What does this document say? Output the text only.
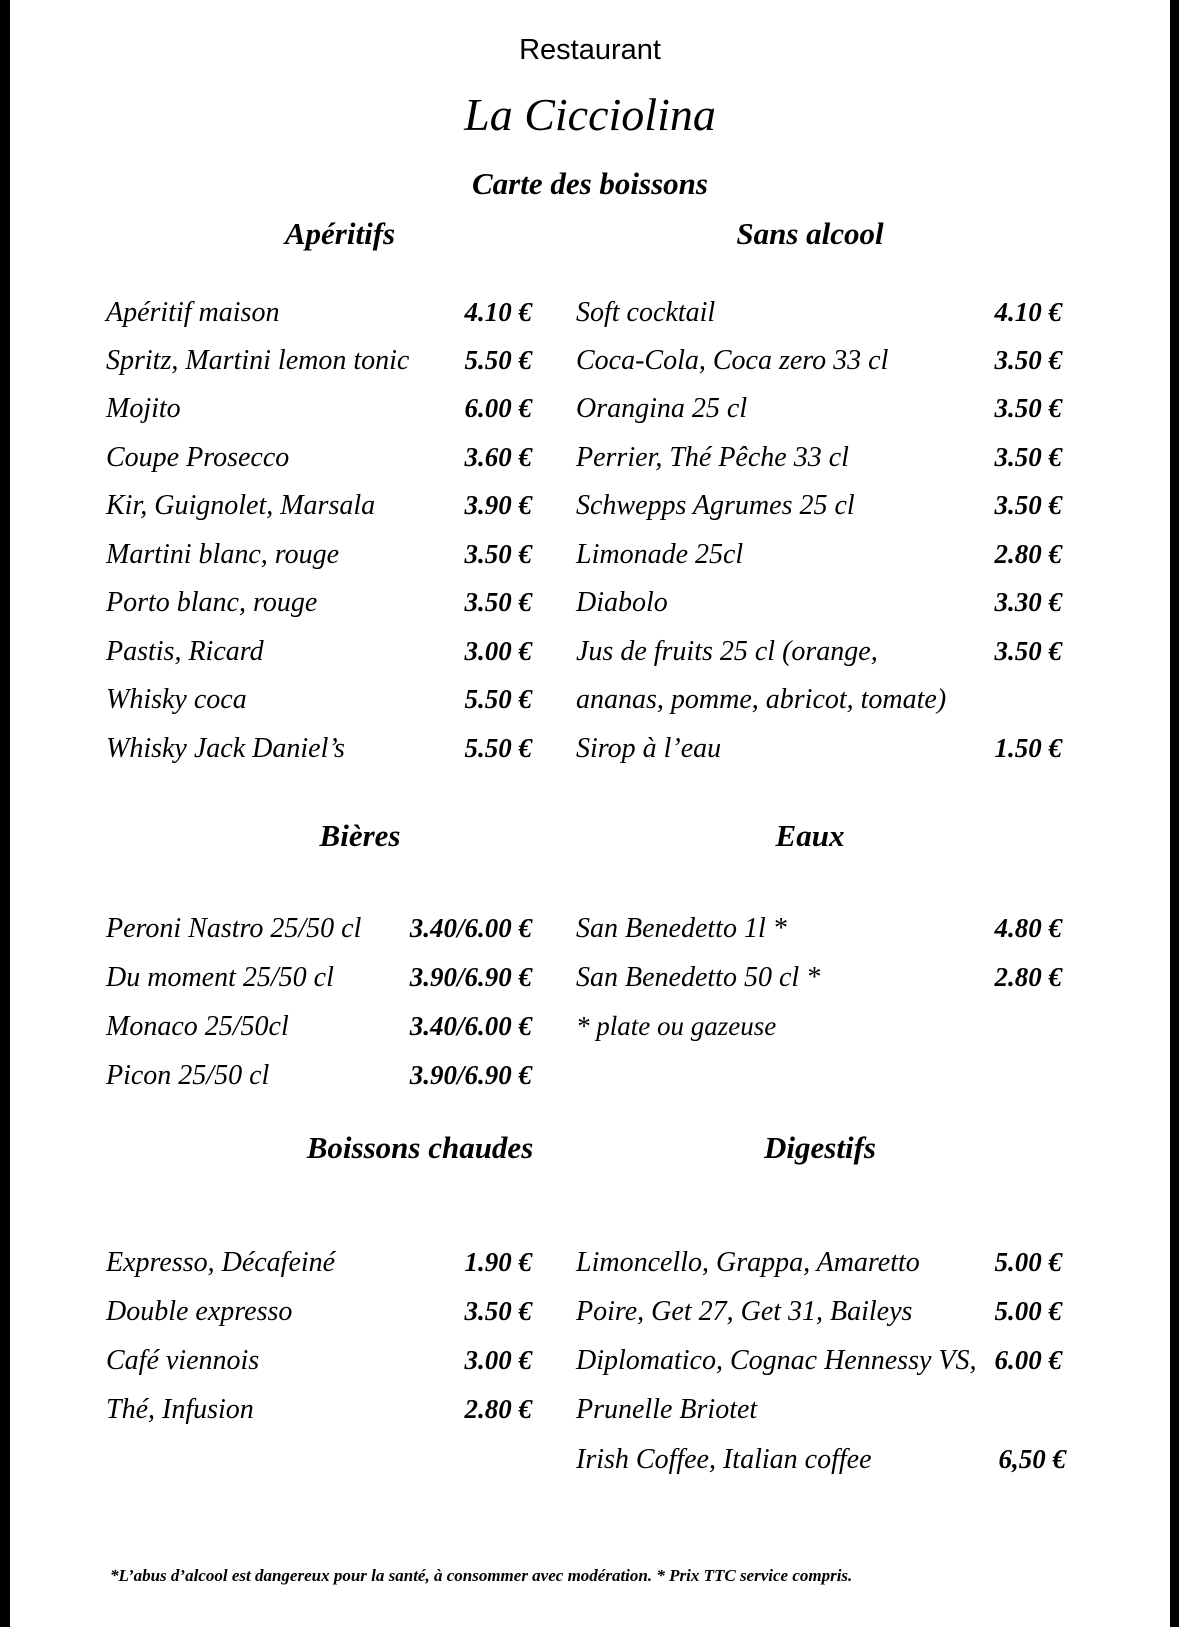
Restaurant
La Cicciolina
Carte des boissons
Apéritifs	Sans alcool
Bières	Eaux
Boissons chaudes	Digestifs
Apéritif maison	4.10 €
Spritz, Martini lemon tonic 5.50 €
Mojito	6.00 €
Coupe Prosecco	3.60 €
Kir, Guignolet, Marsala	3.90 €
Martini blanc, rouge	3.50 €
Porto blanc, rouge	3.50 €
Pastis, Ricard	3.00 €
Whisky coca	5.50 €
Whisky Jack Daniel’s	5.50 €
Soft cocktail	4.10 €
Coca-Cola, Coca zero 33 cl	3.50 €
Orangina 25 cl	3.50 €
Perrier, Thé Pêche 33 cl	3.50 €
Schwepps Agrumes 25 cl	3.50 €
Limonade 25cl	2.80 €
Diabolo	3.30 €
Jus de fruits 25 cl (orange,	3.50 €
ananas, pomme, abricot, tomate)
Sirop à l’eau	1.50 €
Peroni Nastro 25/50 cl 3.40/6.00 €
Du moment 25/50 cl	3.90/6.90 €
Monaco 25/50cl	3.40/6.00 €
Picon 25/50 cl	3.90/6.90 €
San Benedetto 1l *	4.80 €
San Benedetto 50 cl *	2.80 €
* plate ou gazeuse
Expresso, Décafeiné	1.90 €
Double expresso	3.50 €
Café viennois	3.00 €
Thé, Infusion	2.80 €
Limoncello, Grappa, Amaretto	5.00 €
Poire, Get 27, Get 31, Baileys	5.00 €
Diplomatico, Cognac Hennessy VS, 6.00 €
Prunelle Briotet
Irish Coffee, Italian coffee	6,50 €
*L’abus d’alcool est dangereux pour la santé, à consommer avec modération. * Prix TTC service compris.
